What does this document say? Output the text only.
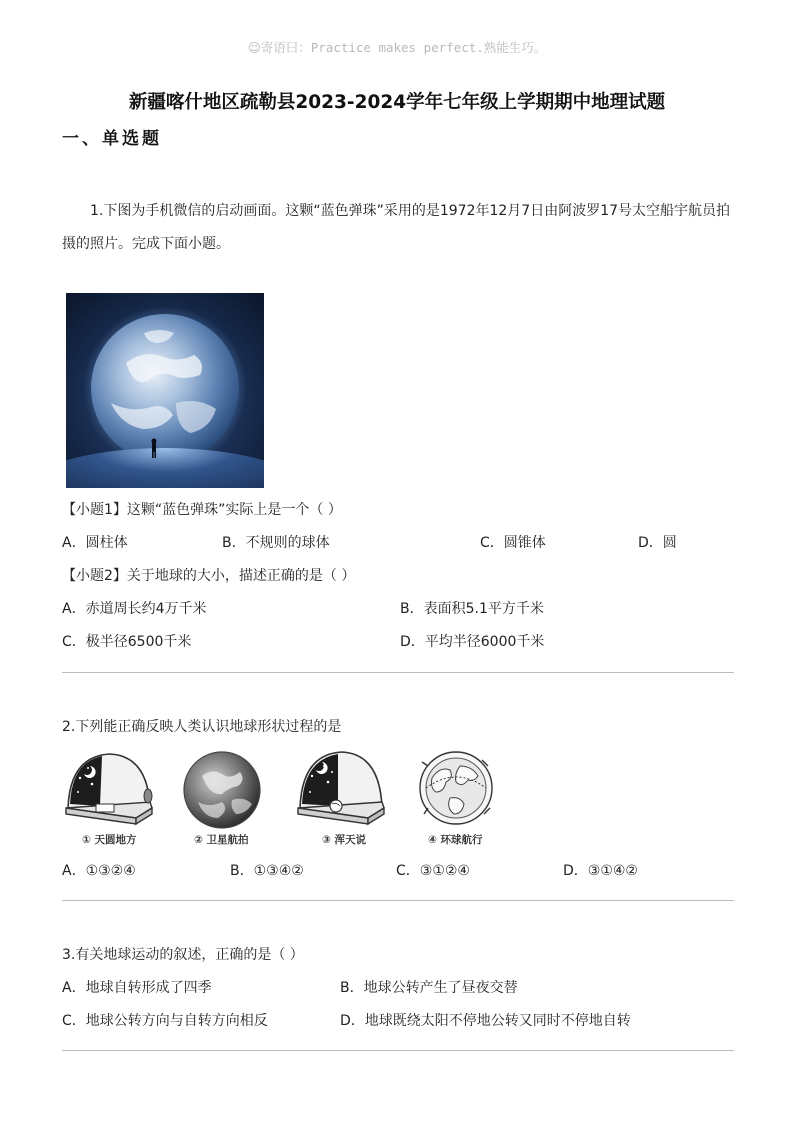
☺寄语曰：Practice makes perfect.熟能生巧。
新疆喀什地区疏勒县2023-2024学年七年级上学期期中地理试题
一、单选题
1.下图为手机微信的启动画面。这颗“蓝色弹珠”采用的是1972年12月7日由阿波罗17号太空船宇航员拍
摄的照片。完成下面小题。
【小题1】这颗“蓝色弹珠”实际上是一个（ ）
A．圆柱体	B．不规则的球体	C．圆锥体	D．圆
【小题2】关于地球的大小，描述正确的是（ ）
A．赤道周长约4万千米	B．表面积5.1平方千米
C．极半径6500千米	D．平均半径6000千米
2.下列能正确反映人类认识地球形状过程的是
① 天圆地方	② 卫星航拍	③ 浑天说	④ 环球航行
A．①③②④	B．①③④②	C．③①②④	D．③①④②
3.有关地球运动的叙述，正确的是（ ）
A．地球自转形成了四季	B．地球公转产生了昼夜交替
C．地球公转方向与自转方向相反	D．地球既绕太阳不停地公转又同时不停地自转
